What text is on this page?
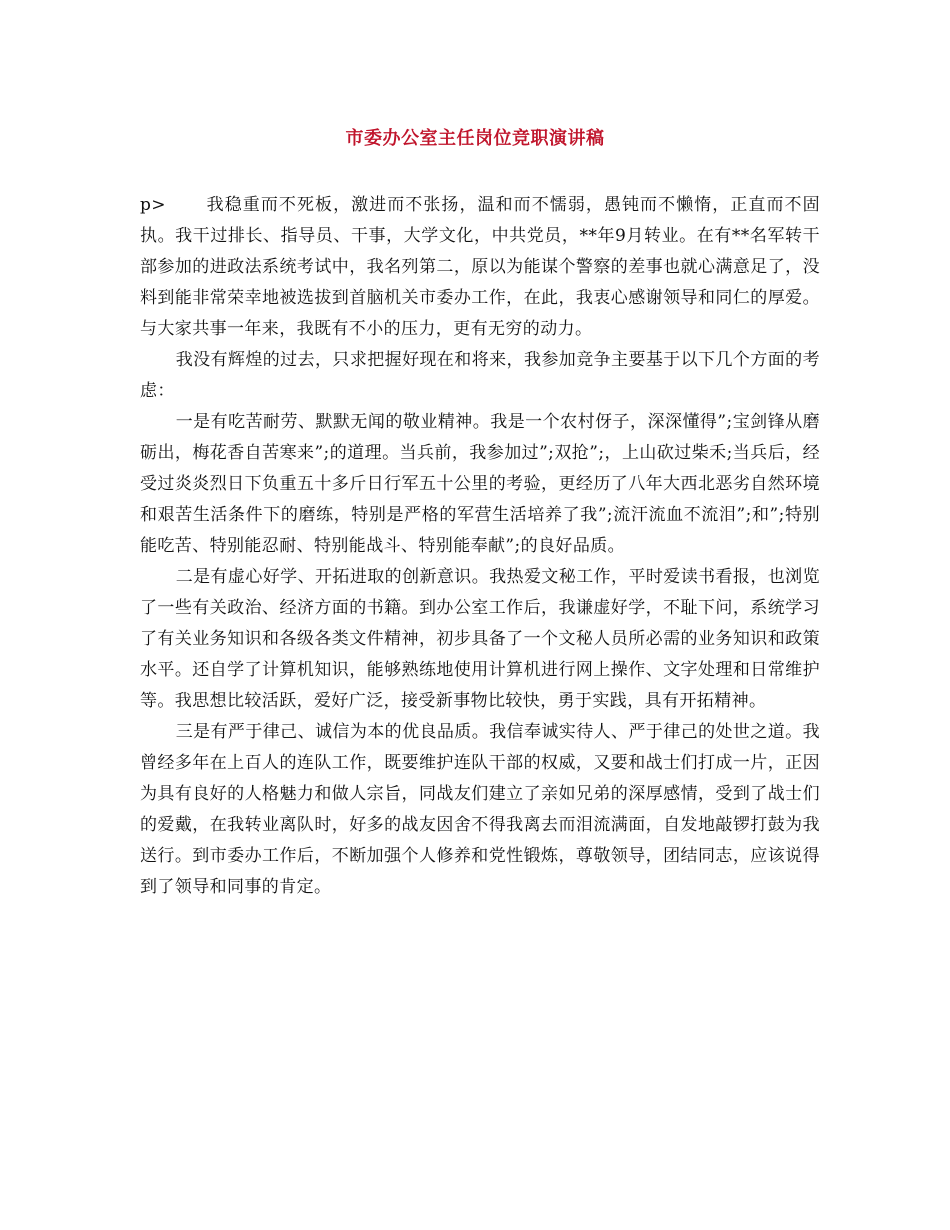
市委办公室主任岗位竞职演讲稿

p> 我稳重而不死板，激进而不张扬，温和而不懦弱，愚钝而不懒惰，正直而不固执。我干过排长、指导员、干事，大学文化，中共党员，**年9月转业。在有**名军转干部参加的进政法系统考试中，我名列第二，原以为能谋个警察的差事也就心满意足了，没料到能非常荣幸地被选拔到首脑机关市委办工作，在此，我衷心感谢领导和同仁的厚爱。与大家共事一年来，我既有不小的压力，更有无穷的动力。

我没有辉煌的过去，只求把握好现在和将来，我参加竞争主要基于以下几个方面的考虑：

一是有吃苦耐劳、默默无闻的敬业精神。我是一个农村伢子，深深懂得”;宝剑锋从磨砺出，梅花香自苦寒来”;的道理。当兵前，我参加过”;双抢”;，上山砍过柴禾;当兵后，经受过炎炎烈日下负重五十多斤日行军五十公里的考验，更经历了八年大西北恶劣自然环境和艰苦生活条件下的磨练，特别是严格的军营生活培养了我”;流汗流血不流泪”;和”;特别能吃苦、特别能忍耐、特别能战斗、特别能奉献”;的良好品质。

二是有虚心好学、开拓进取的创新意识。我热爱文秘工作，平时爱读书看报，也浏览了一些有关政治、经济方面的书籍。到办公室工作后，我谦虚好学，不耻下问，系统学习了有关业务知识和各级各类文件精神，初步具备了一个文秘人员所必需的业务知识和政策水平。还自学了计算机知识，能够熟练地使用计算机进行网上操作、文字处理和日常维护等。我思想比较活跃，爱好广泛，接受新事物比较快，勇于实践，具有开拓精神。

三是有严于律己、诚信为本的优良品质。我信奉诚实待人、严于律己的处世之道。我曾经多年在上百人的连队工作，既要维护连队干部的权威，又要和战士们打成一片，正因为具有良好的人格魅力和做人宗旨，同战友们建立了亲如兄弟的深厚感情，受到了战士们的爱戴，在我转业离队时，好多的战友因舍不得我离去而泪流满面，自发地敲锣打鼓为我送行。到市委办工作后，不断加强个人修养和党性锻炼，尊敬领导，团结同志，应该说得到了领导和同事的肯定。
